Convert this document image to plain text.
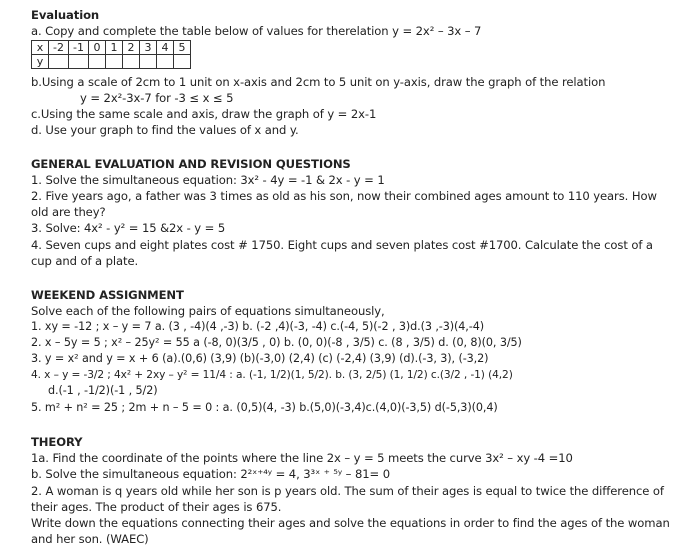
Evaluation
a. Copy and complete the table below of values for therelation y = 2x² – 3x – 7
x	-2	-1	0	1	2	3	4	5
y								
b.Using a scale of 2cm to 1 unit on x-axis and 2cm to 5 unit on y-axis, draw the graph of the relation
y = 2x²-3x-7 for -3 ≤ x ≤ 5
c.Using the same scale and axis, draw the graph of y = 2x-1
d. Use your graph to find the values of x and y.
GENERAL EVALUATION AND REVISION QUESTIONS
1. Solve the simultaneous equation: 3x² - 4y = -1 & 2x - y = 1
2. Five years ago, a father was 3 times as old as his son, now their combined ages amount to 110 years. How old are they?
3. Solve: 4x² - y² = 15 &2x - y = 5
4. Seven cups and eight plates cost # 1750. Eight cups and seven plates cost #1700. Calculate the cost of a cup and of a plate.
WEEKEND ASSIGNMENT
Solve each of the following pairs of equations simultaneously,
1. xy = -12 ; x – y = 7 a. (3 , -4)(4 ,-3) b. (-2 ,4)(-3, -4) c.(-4, 5)(-2 , 3)d.(3 ,-3)(4,-4)
2. x – 5y = 5 ; x² – 25y² = 55 a (-8, 0)(3/5 , 0) b. (0, 0)(-8 , 3/5) c. (8 , 3/5) d. (0, 8)(0, 3/5)
3. y = x² and y = x + 6 (a).(0,6) (3,9) (b)(-3,0) (2,4) (c) (-2,4) (3,9) (d).(-3, 3), (-3,2)
4. x – y = -3/2 ; 4x² + 2xy – y² = 11/4 : a. (-1, 1/2)(1, 5/2). b. (3, 2/5) (1, 1/2) c.(3/2 , -1) (4,2)
d.(-1 , -1/2)(-1 , 5/2)
5. m² + n² = 25 ; 2m + n – 5 = 0 : a. (0,5)(4, -3) b.(5,0)(-3,4)c.(4,0)(-3,5) d(-5,3)(0,4)
THEORY
1a. Find the coordinate of the points where the line 2x – y = 5 meets the curve 3x² – xy -4 =10
b. Solve the simultaneous equation: 2²ˣ⁺⁴ʸ = 4, 3³ˣ ⁺ ⁵ʸ – 81= 0
2. A woman is q years old while her son is p years old. The sum of their ages is equal to twice the difference of their ages. The product of their ages is 675.
Write down the equations connecting their ages and solve the equations in order to find the ages of the woman and her son. (WAEC)
